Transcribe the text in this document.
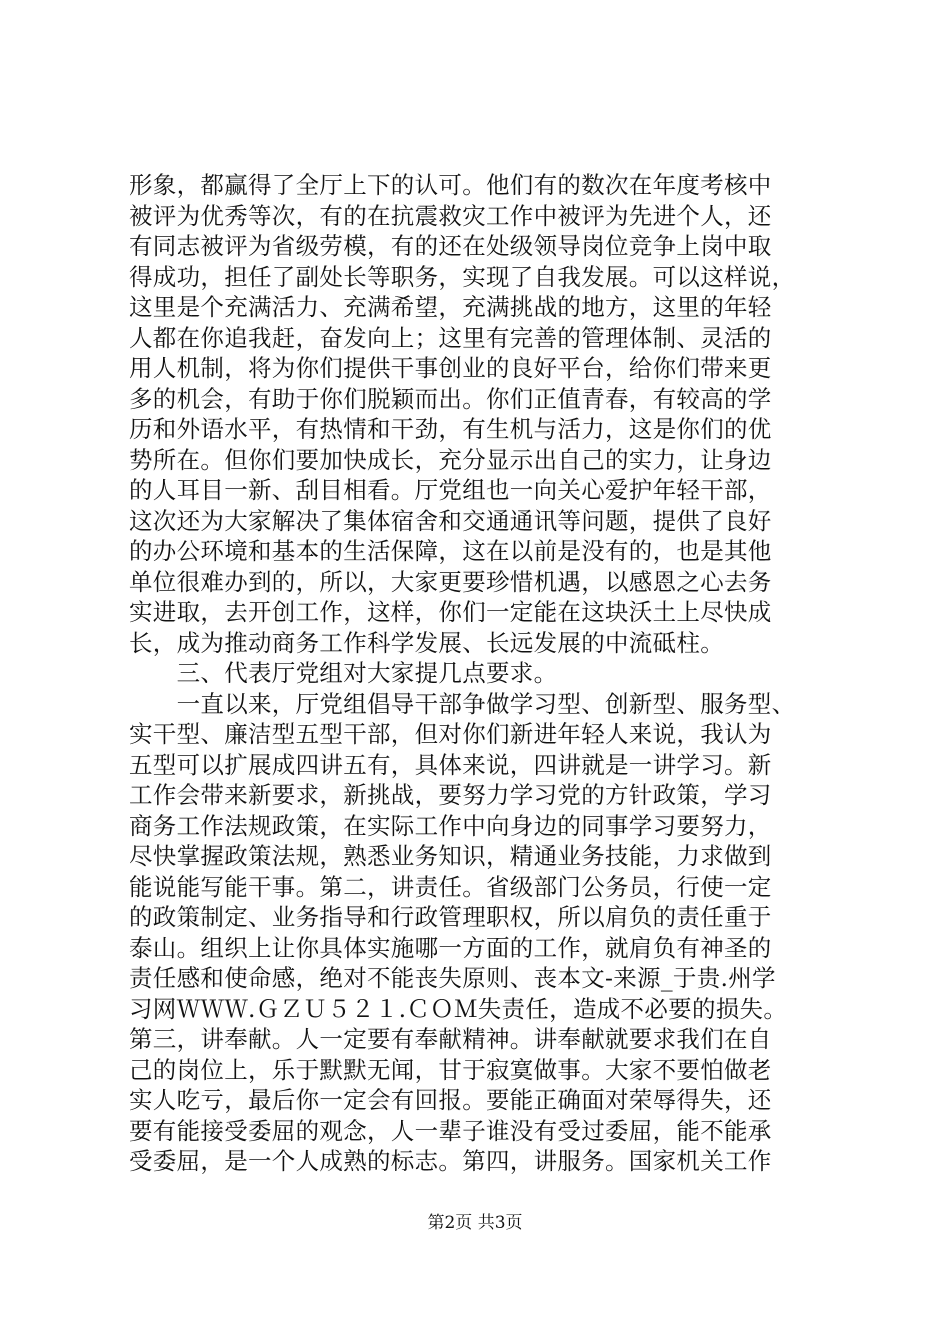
形象，都赢得了全厅上下的认可。他们有的数次在年度考核中
被评为优秀等次，有的在抗震救灾工作中被评为先进个人，还
有同志被评为省级劳模，有的还在处级领导岗位竞争上岗中取
得成功，担任了副处长等职务，实现了自我发展。可以这样说，
这里是个充满活力、充满希望，充满挑战的地方，这里的年轻
人都在你追我赶，奋发向上；这里有完善的管理体制、灵活的
用人机制，将为你们提供干事创业的良好平台，给你们带来更
多的机会，有助于你们脱颖而出。你们正值青春，有较高的学
历和外语水平，有热情和干劲，有生机与活力，这是你们的优
势所在。但你们要加快成长，充分显示出自己的实力，让身边
的人耳目一新、刮目相看。厅党组也一向关心爱护年轻干部，
这次还为大家解决了集体宿舍和交通通讯等问题，提供了良好
的办公环境和基本的生活保障，这在以前是没有的，也是其他
单位很难办到的，所以，大家更要珍惜机遇，以感恩之心去务
实进取，去开创工作，这样，你们一定能在这块沃土上尽快成
长，成为推动商务工作科学发展、长远发展的中流砥柱。
　　三、代表厅党组对大家提几点要求。
　　一直以来，厅党组倡导干部争做学习型、创新型、服务型、
实干型、廉洁型五型干部，但对你们新进年轻人来说，我认为
五型可以扩展成四讲五有，具体来说，四讲就是一讲学习。新
工作会带来新要求，新挑战，要努力学习党的方针政策，学习
商务工作法规政策，在实际工作中向身边的同事学习要努力，
尽快掌握政策法规，熟悉业务知识，精通业务技能，力求做到
能说能写能干事。第二，讲责任。省级部门公务员，行使一定
的政策制定、业务指导和行政管理职权，所以肩负的责任重于
泰山。组织上让你具体实施哪一方面的工作，就肩负有神圣的
责任感和使命感，绝对不能丧失原则、丧本文-来源_于贵.州学
习网ＷＷＷ.ＧＺＵ５２１.ＣＯＭ失责任，造成不必要的损失。
第三，讲奉献。人一定要有奉献精神。讲奉献就要求我们在自
己的岗位上，乐于默默无闻，甘于寂寞做事。大家不要怕做老
实人吃亏，最后你一定会有回报。要能正确面对荣辱得失，还
要有能接受委屈的观念，人一辈子谁没有受过委屈，能不能承
受委屈，是一个人成熟的标志。第四，讲服务。国家机关工作
第2页 共3页
